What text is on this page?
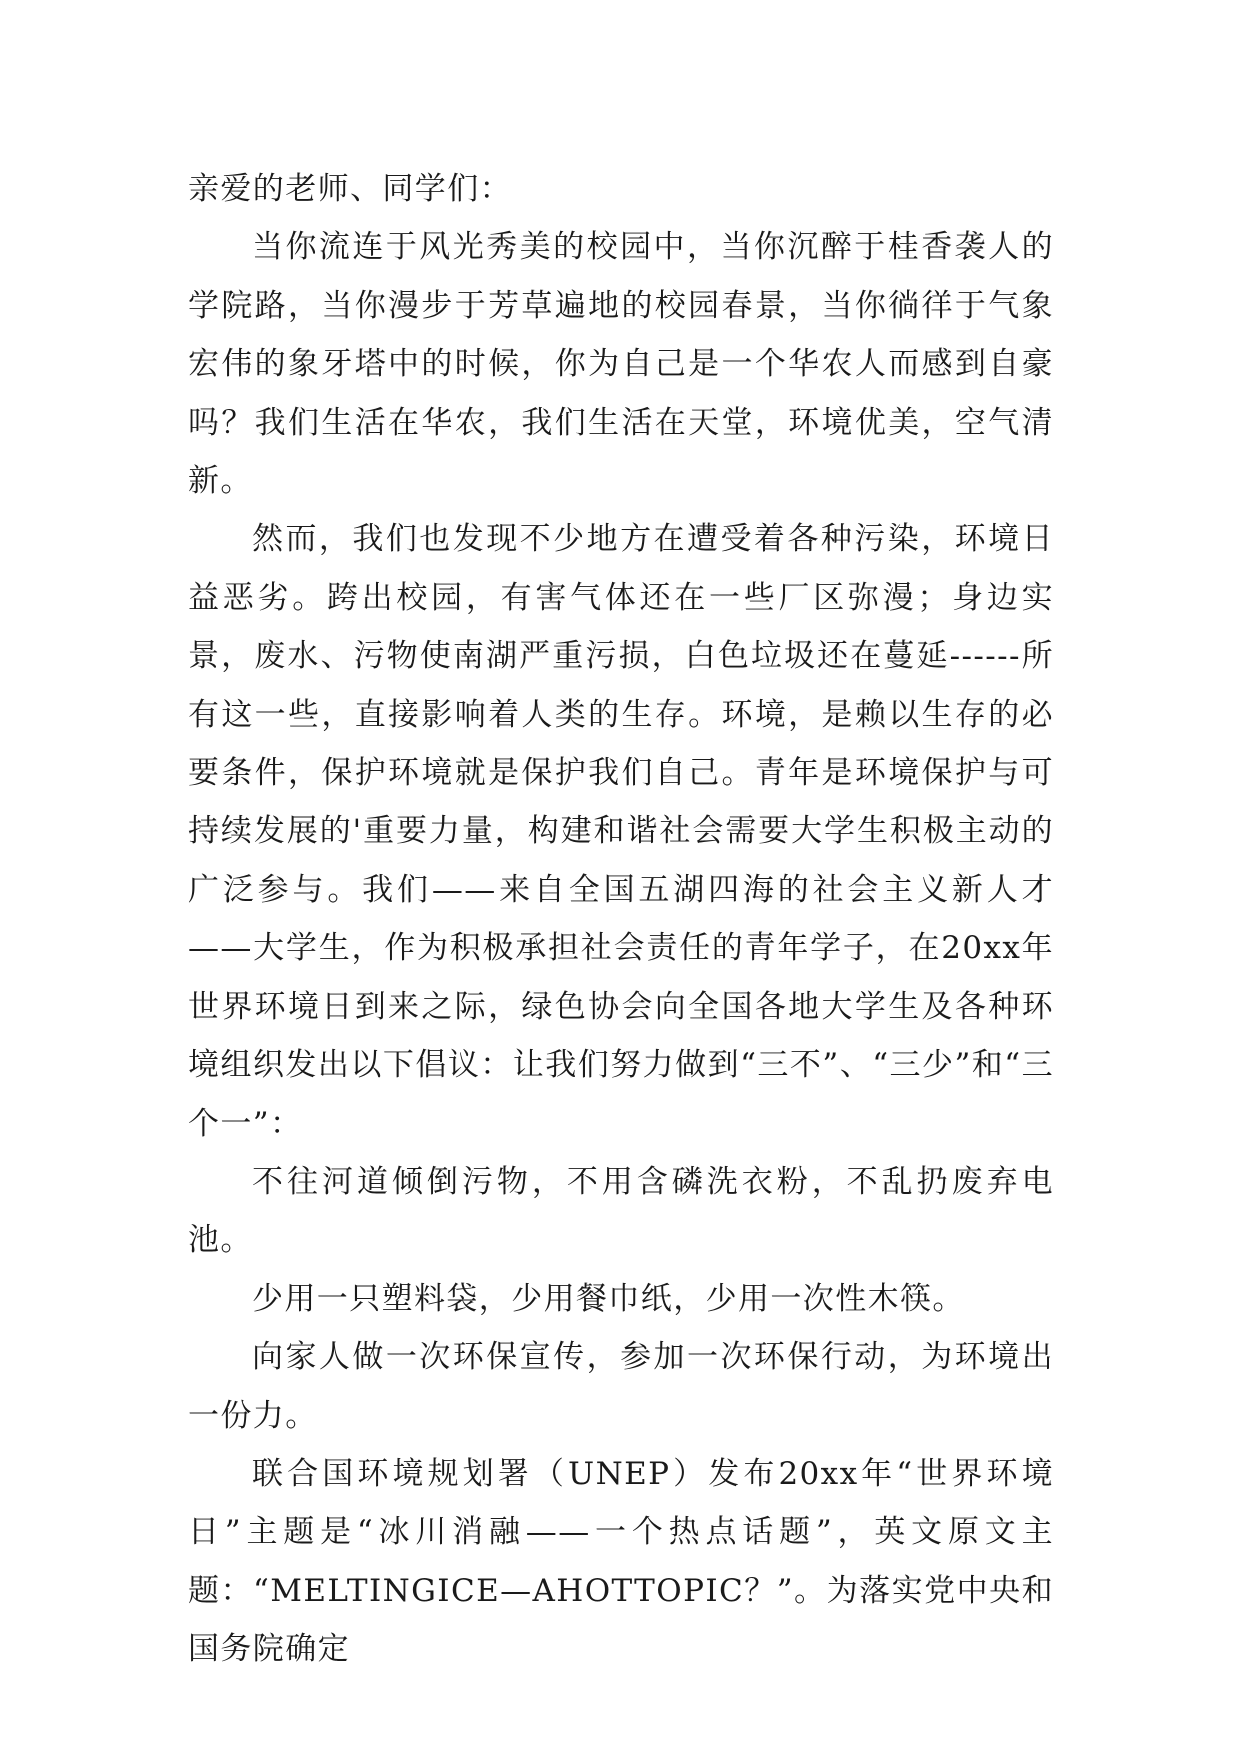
亲爱的老师、同学们：

当你流连于风光秀美的校园中，当你沉醉于桂香袭人的学院路，当你漫步于芳草遍地的校园春景，当你徜徉于气象宏伟的象牙塔中的时候，你为自己是一个华农人而感到自豪吗？我们生活在华农，我们生活在天堂，环境优美，空气清新。

然而，我们也发现不少地方在遭受着各种污染，环境日益恶劣。跨出校园，有害气体还在一些厂区弥漫；身边实景，废水、污物使南湖严重污损，白色垃圾还在蔓延------所有这一些，直接影响着人类的生存。环境，是赖以生存的必要条件，保护环境就是保护我们自己。青年是环境保护与可持续发展的'重要力量，构建和谐社会需要大学生积极主动的广泛参与。我们——来自全国五湖四海的社会主义新人才——大学生，作为积极承担社会责任的青年学子，在20xx年世界环境日到来之际，绿色协会向全国各地大学生及各种环境组织发出以下倡议：让我们努力做到“三不”、“三少”和“三个一”：

不往河道倾倒污物，不用含磷洗衣粉，不乱扔废弃电池。

少用一只塑料袋，少用餐巾纸，少用一次性木筷。

向家人做一次环保宣传，参加一次环保行动，为环境出一份力。

联合国环境规划署（UNEP）发布20xx年“世界环境日”主题是“冰川消融——一个热点话题”，英文原文主题：“MELTINGICE—AHOTTOPIC？”。为落实党中央和国务院确定
